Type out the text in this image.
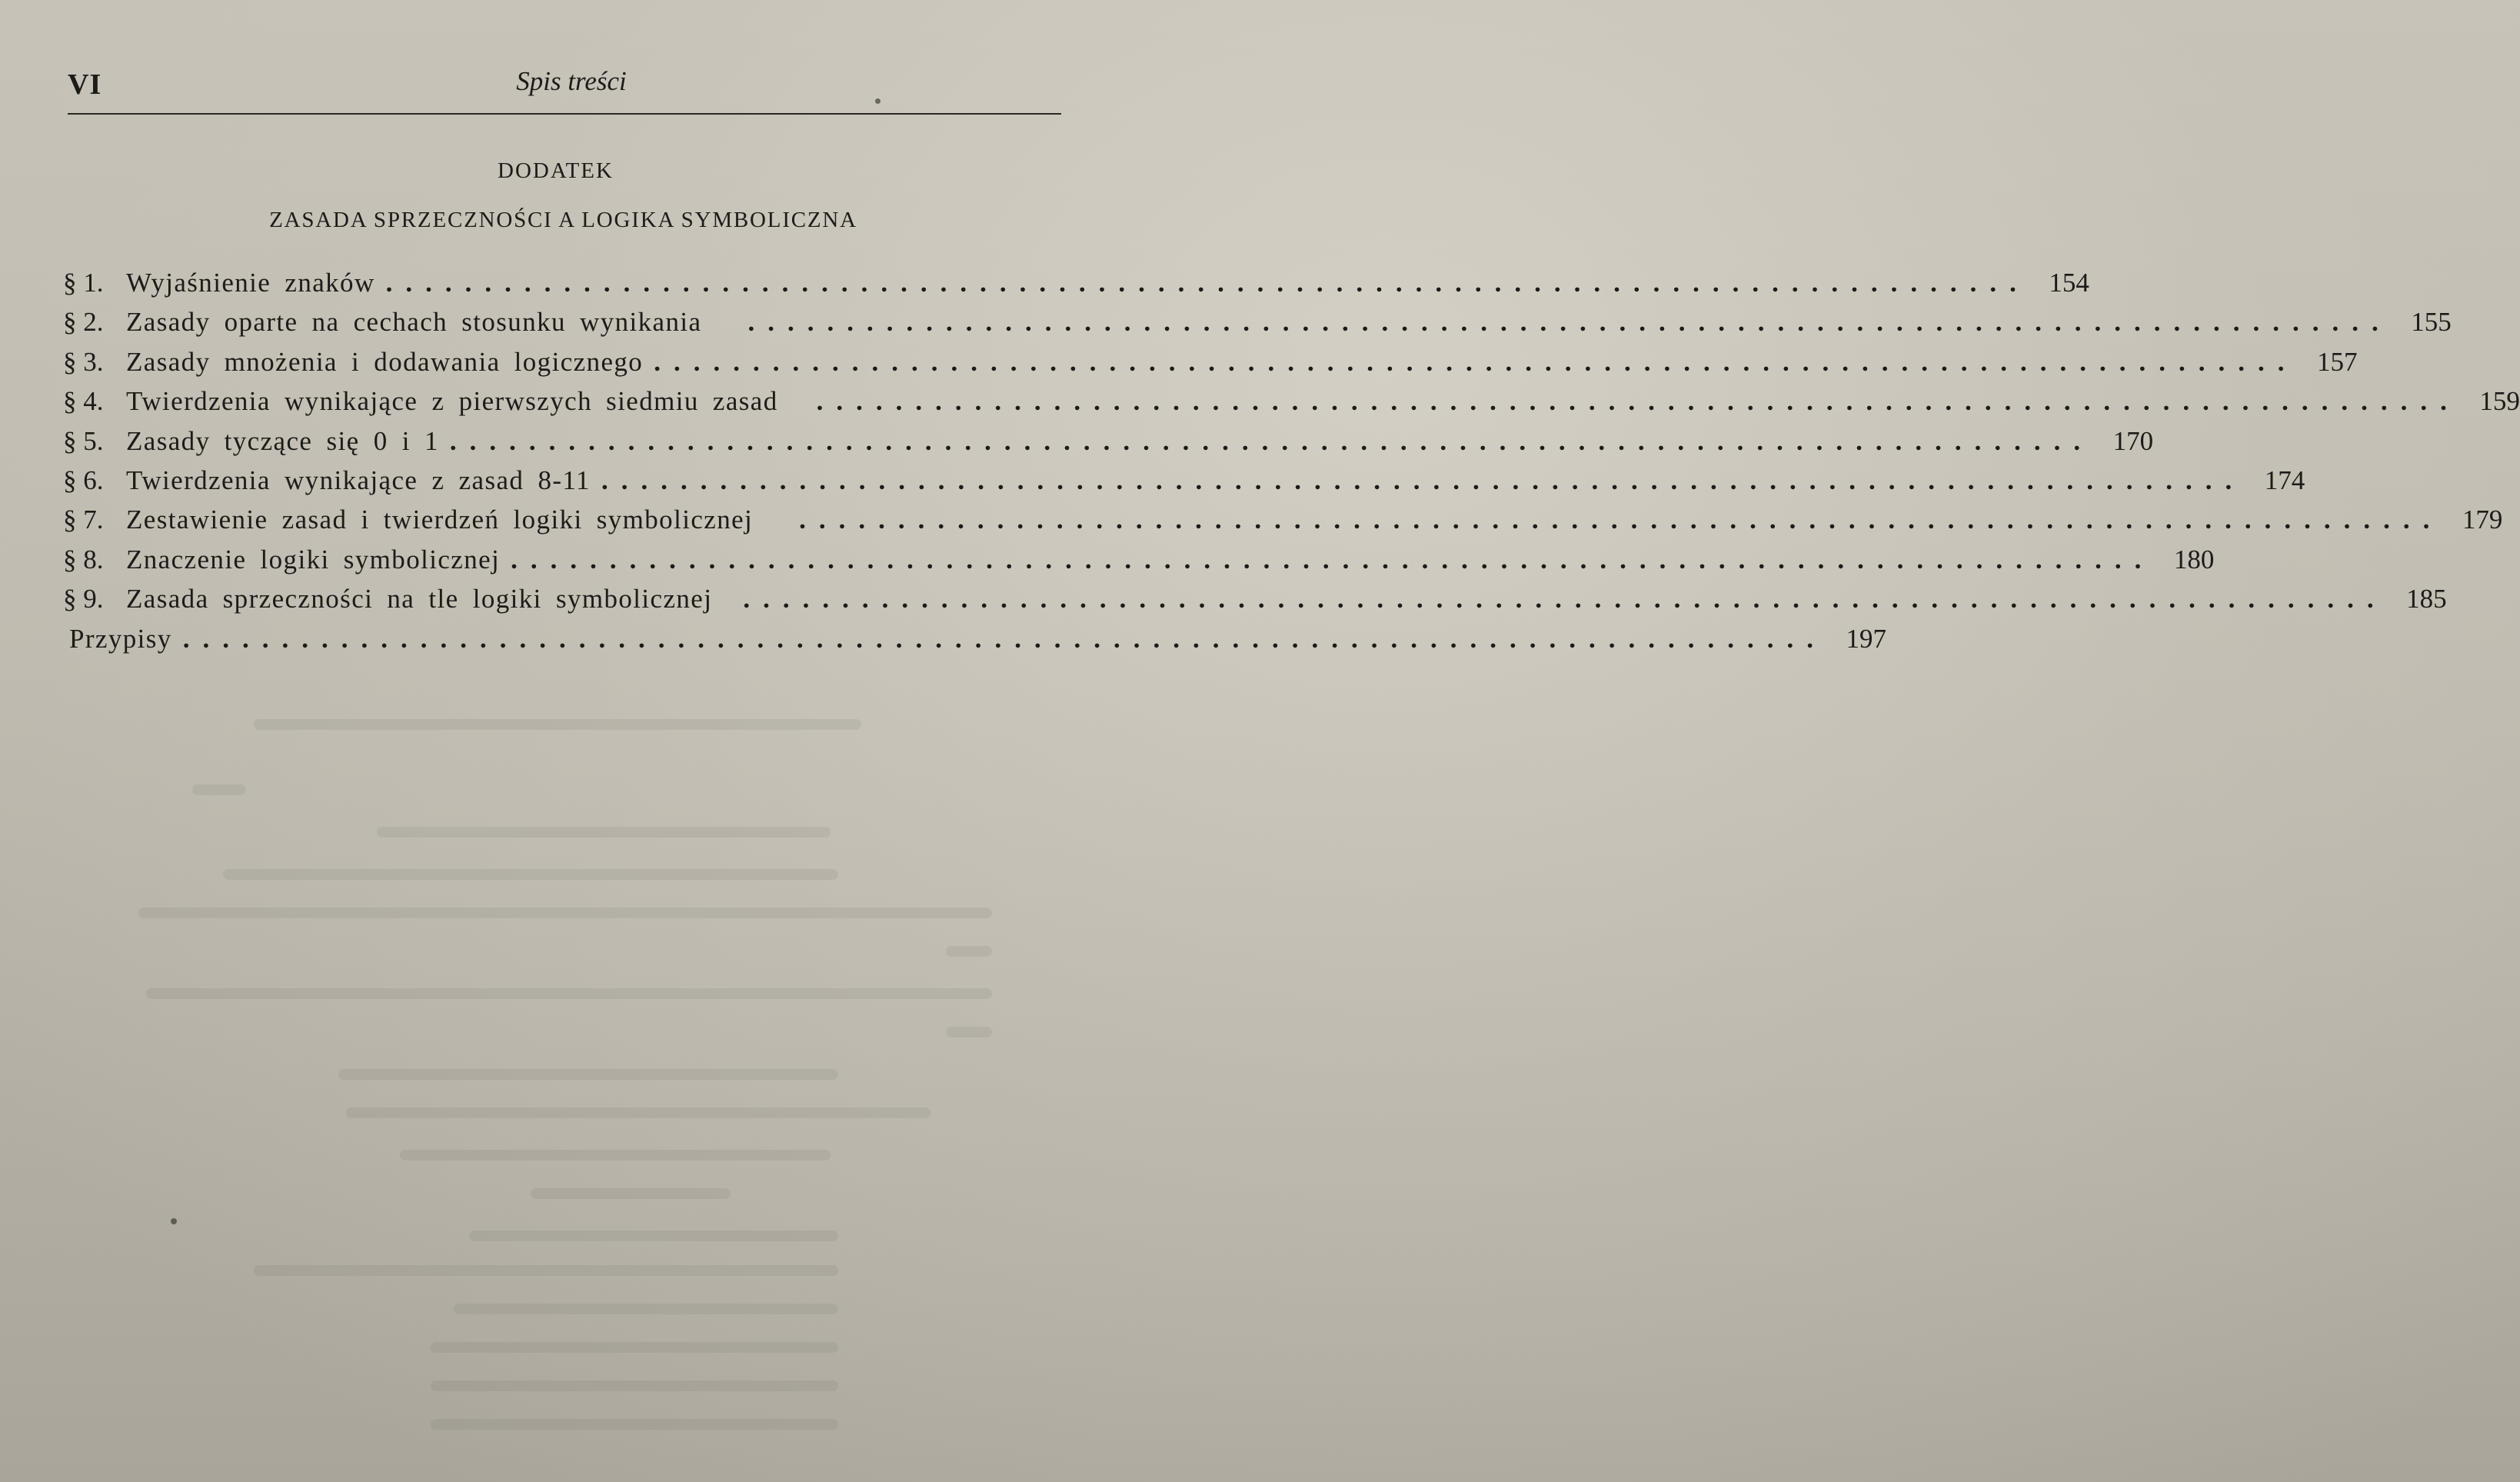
VI	Spis treści
DODATEK
ZASADA SPRZECZNOŚCI A LOGIKA SYMBOLICZNA
§ 1. Wyjaśnienie znaków ................................................................................... 154
§ 2. Zasady oparte na cechach stosunku wynikania ................................................................................... 155
§ 3. Zasady mnożenia i dodawania logicznego ................................................................................... 157
§ 4. Twierdzenia wynikające z pierwszych siedmiu zasad ................................................................................... 159
§ 5. Zasady tyczące się 0 i 1 ................................................................................... 170
§ 6. Twierdzenia wynikające z zasad 8-11 ................................................................................... 174
§ 7. Zestawienie zasad i twierdzeń logiki symbolicznej ................................................................................... 179
§ 8. Znaczenie logiki symbolicznej ................................................................................... 180
§ 9. Zasada sprzeczności na tle logiki symbolicznej ................................................................................... 185
Przypisy ................................................................................... 197
